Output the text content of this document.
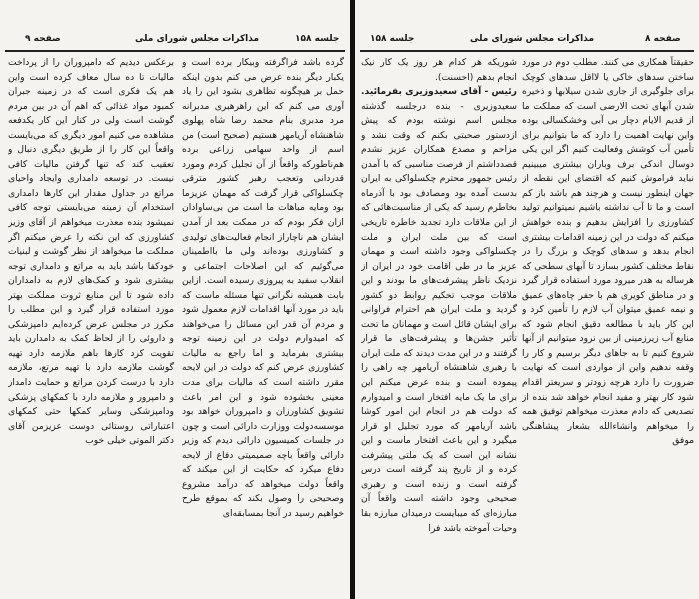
صفحه ۹	مذاکرات مجلس شورای ملی	جلسه ۱۵۸

گرده باشد فراگرفته وبیکار برده است و یکبار دیگر بنده عرض می کنم بدون اینکه حمل بر هیچگونه تظاهری بشود این را یاد آوری می کنم که این راهرهبری مدبرانه مرد مدبری بنام محمد رضا شاه پهلوی شاهنشاه آریامهر هستیم (صحیح است) من اسم از واحد سهامی زراعی برده هم‌ناطورکه واقعاً از آن تجلیل کردم ومورد قدردانی وتعجب رهبر کشور مترقی چکسلواکی قرار گرفت که مهمان عزیزما بود ومایه مباهات ما است من بی‌ساوادان ازان فکر بودم که در ممکت بعد از آمدن ایشان هم ناچاراز انجام فعالیت‌های تولیدی و کشاورزی بوده‌اند ولی ما بااطمینان می‌گوئیم که این اصلاحات اجتماعی و انقلاب سفید به پیروزی رسیده است. ازاین بابت همیشه نگرانی تنها مسئله ماست که باید در مورد آنها اقدامات لازم معمول شود و مردم آن قدر این مسائل را می‌خواهند که امیدوارم دولت در این زمینه توجه بیشتری بفرماید و اما راجع به مالیات کشاورزی عرض کنم که دولت در این لایحه مقرر داشته است که مالیات برای مدت معینی بخشوده شود و این امر باعث تشویق کشاورزان و دامپروران خواهد بود موسسه‌دولت ووزارت دارائی است و چون در جلسات کمیسیون دارائی دیدم که وزیر دارائی واقعاً باچه صمیمیتی دفاع از لایحه دفاع میکرد که حکایت از این میکند که واقعاً دولت میخواهد که درآمد مشروع وصحیحی را وصول بکند که بموقع طرح خواهیم رسید در آنجا بمسابقه‌ای

برعکس دیدیم که دامپروران را از پرداخت مالیات تا ده سال معاف کرده است واین هم یک فکری است که در زمینه جبران کمبود مواد غذائی که اهم آن در بین مردم گوشت است ولی در کنار این کار یکدفعه مشاهده می کنیم امور دیگری که می‌بایست واقعاً این کار را از طریق دیگری دنبال و تعقیب کند که تنها گرفتن مالیات کافی نیست. در توسعه دامداری وایجاد واحیای مراتع در جداول مقدار این کارها دامداری استخدام آن زمینه می‌بایستی توجه کافی نمیشود بنده معذرت میخواهم از آقای وزیر کشاورزی که این نکته را عرض میکنم اگر مملکت ما میخواهد از نظر گوشت و لبنیات خودکفا باشد باید به مراتع و دامداری توجه بیشتری شود و کمک‌های لازم به دامداران داده شود تا این منابع ثروت مملکت بهتر مورد استفاده قرار گیرد و این مطلب را مکرر در مجلس عرض کرده‌ایم دامپزشکی و داروئی را از لحاظ کمک به دامدارن باید تقویت کرد کارها باهم ملازمه دارد تهیه گوشت ملازمه دارد با تهیه مرتع، ملازمه دارد با درست کردن مراتع و حمایت دامدار و دامپرور و ملازمه دارد با کمکهای پزشکی ودامپزشکی وسایر کمکها حتی کمکهای اعتباراتی روستائی دوست عزیزمن آقای دکتر الموتی خیلی خوب

جلسه ۱۵۸	مذاکرات مجلس شورای ملی	صفحه ۸

شوریکه هر کدام هر روز یک کار نیک انجام بدهم (احسنت).

رئیس - آقای سعیدوزیری بفرمائید.

سعیدوزیری - بنده درجلسه گذشته مجلس اسم نوشته بودم که پیش ازدستور صحبتی بکنم که وقت نشد و مزاحم و مصدع همکاران عزیز نشدم قصدداشتم از فرصت مناسبی که با آمدن رئیس جمهور محترم چکسلواکی به ایران بدست آمده بود ومصادف بود با آذرماه بخاطرم رسید که یکی از مناسبت‌هائی که از این ملاقات دارد تجدید خاطره تاریخی است که بین ملت ایران و ملت چکسلواکی وجود داشته است و مهمان عزیز ما در طی اقامت خود در ایران از نزدیک ناظر پیشرفت‌های ما بودند و این ملاقات موجب تحکیم روابط دو کشور گردید و ملت ایران هم احترام فراوانی برای ایشان قائل است و مهمانان ما تحت تأثیر جشن‌ها و پیشرفت‌های ما قرار گرفتند و در این مدت دیدند که ملت ایران با رهبری شاهنشاه آریامهر چه راهی را پیموده است و بنده عرض میکنم این برای ما یک مایه افتخار است و امیدوارم که دولت هم در انجام این امور کوشا باشد آریامهر که مورد تجلیل او قرار میگیرد و این باعث افتخار ماست و این نشانه این است که یک ملتی پیشرفت کرده و از تاریخ پند گرفته است درس گرفته است و زنده است و رهبری صحیحی وجود داشته است واقعاً آن مبارزه‌ای که میبایست درمیدان مبارزه بقا وحیات آموخته باشد فرا

حقیقتاً همکاری می کنند. مطلب دوم در مورد ساختن سدهای خاکی یا لااقل سدهای کوچک برای جلوگیری از جاری شدن سیلابها و ذخیره شدن آبهای تحت الارضی است که مملکت ما از قدیم الایام دچار بی آبی وخشکسالی بوده واین نهایت اهمیت را دارد که ما بتوانیم برای تأمین آب کوشش وفعالیت کنیم اگر این یکی دوسال اندکی برف وباران بیشتری میبینیم نباید فراموش کنیم که اقتضای این نقطه از جهان اینطور نیست و هرچند هم باشد باز کم است و ما تا آب نداشته باشیم نمیتوانیم تولید کشاورزی را افزایش بدهیم و بنده خواهش میکنم که دولت در این زمینه اقدامات بیشتری انجام بدهد و سدهای کوچک و بزرگ را در نقاط مختلف کشور بسازد تا آبهای سطحی که هرساله به هدر میرود مورد استفاده قرار گیرد و در مناطق کویری هم با حفر چاه‌های عمیق و نیمه عمیق میتوان آب لازم را تأمین کرد و این کار باید با مطالعه دقیق انجام شود که منابع آب زیرزمینی از بین نرود میتوانیم از آنها شروع کنیم تا به جاهای دیگر برسیم و کار را وقفه ندهیم واین از مواردی است که نهایت ضرورت را دارد هرچه زودتر و سریعتر اقدام شود کار بهتر و مفید انجام خواهد شد بنده از تصدیعی که دادم معذرت میخواهم توفیق همه را میخواهم وانشاءالله بشعار پیشاهنگی موفق
